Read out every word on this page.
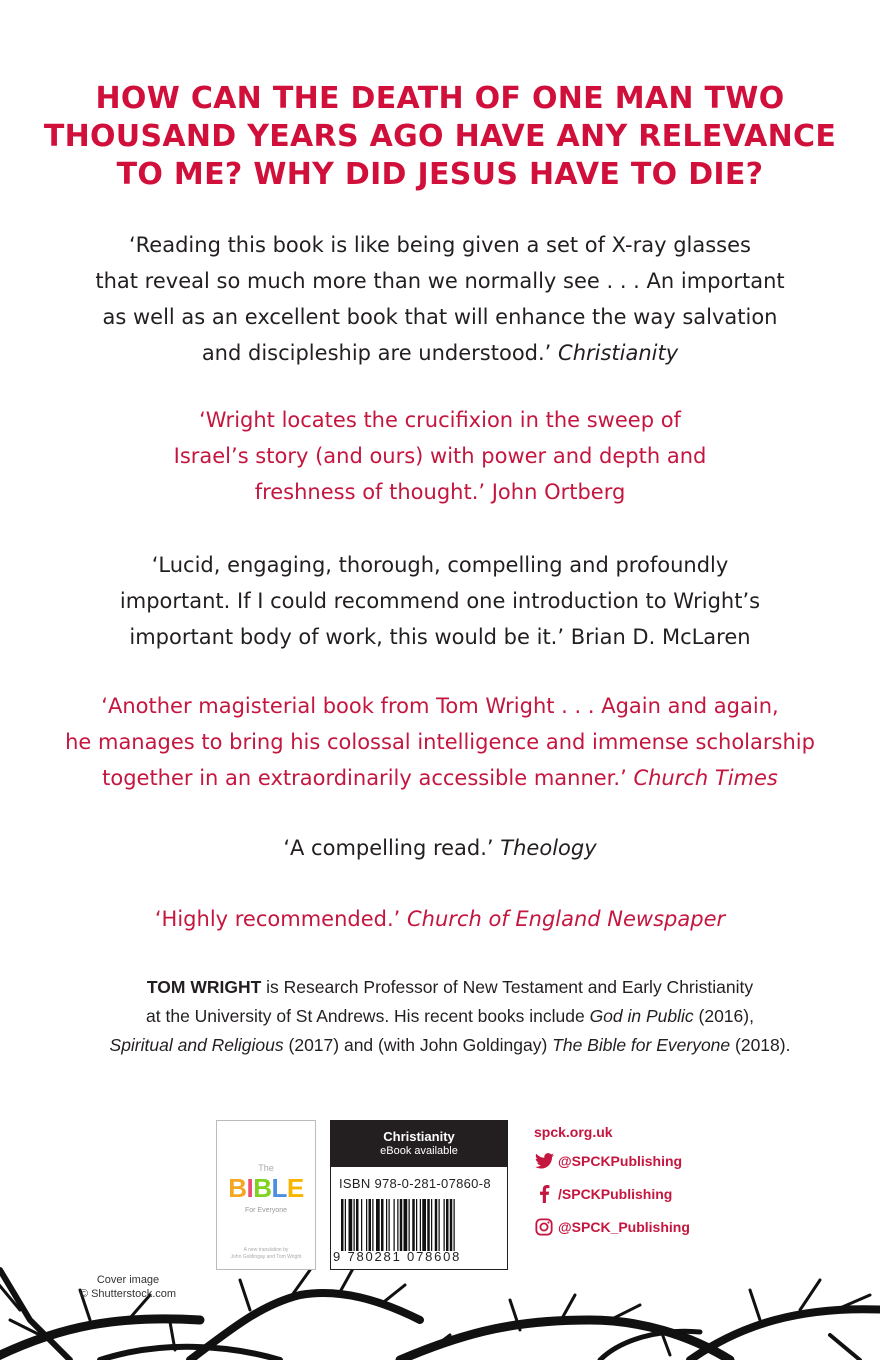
HOW CAN THE DEATH OF ONE MAN TWO
THOUSAND YEARS AGO HAVE ANY RELEVANCE
TO ME? WHY DID JESUS HAVE TO DIE?
‘Reading this book is like being given a set of X-ray glasses
that reveal so much more than we normally see . . . An important
as well as an excellent book that will enhance the way salvation
and discipleship are understood.’ Christianity
‘Wright locates the crucifixion in the sweep of
Israel’s story (and ours) with power and depth and
freshness of thought.’ John Ortberg
‘Lucid, engaging, thorough, compelling and profoundly
important. If I could recommend one introduction to Wright’s
important body of work, this would be it.’ Brian D. McLaren
‘Another magisterial book from Tom Wright . . . Again and again,
he manages to bring his colossal intelligence and immense scholarship
together in an extraordinarily accessible manner.’ Church Times
‘A compelling read.’ Theology
‘Highly recommended.’ Church of England Newspaper
TOM WRIGHT is Research Professor of New Testament and Early Christianity
at the University of St Andrews. His recent books include God in Public (2016),
Spiritual and Religious (2017) and (with John Goldingay) The Bible for Everyone (2018).
The
BIBLE
For Everyone
A new translation by
John Goldingay and Tom Wright
Christianity
eBook available
ISBN 978-0-281-07860-8
9 780281 078608
spck.org.uk
@SPCKPublishing
/SPCKPublishing
@SPCK_Publishing
Cover image
© Shutterstock.com
